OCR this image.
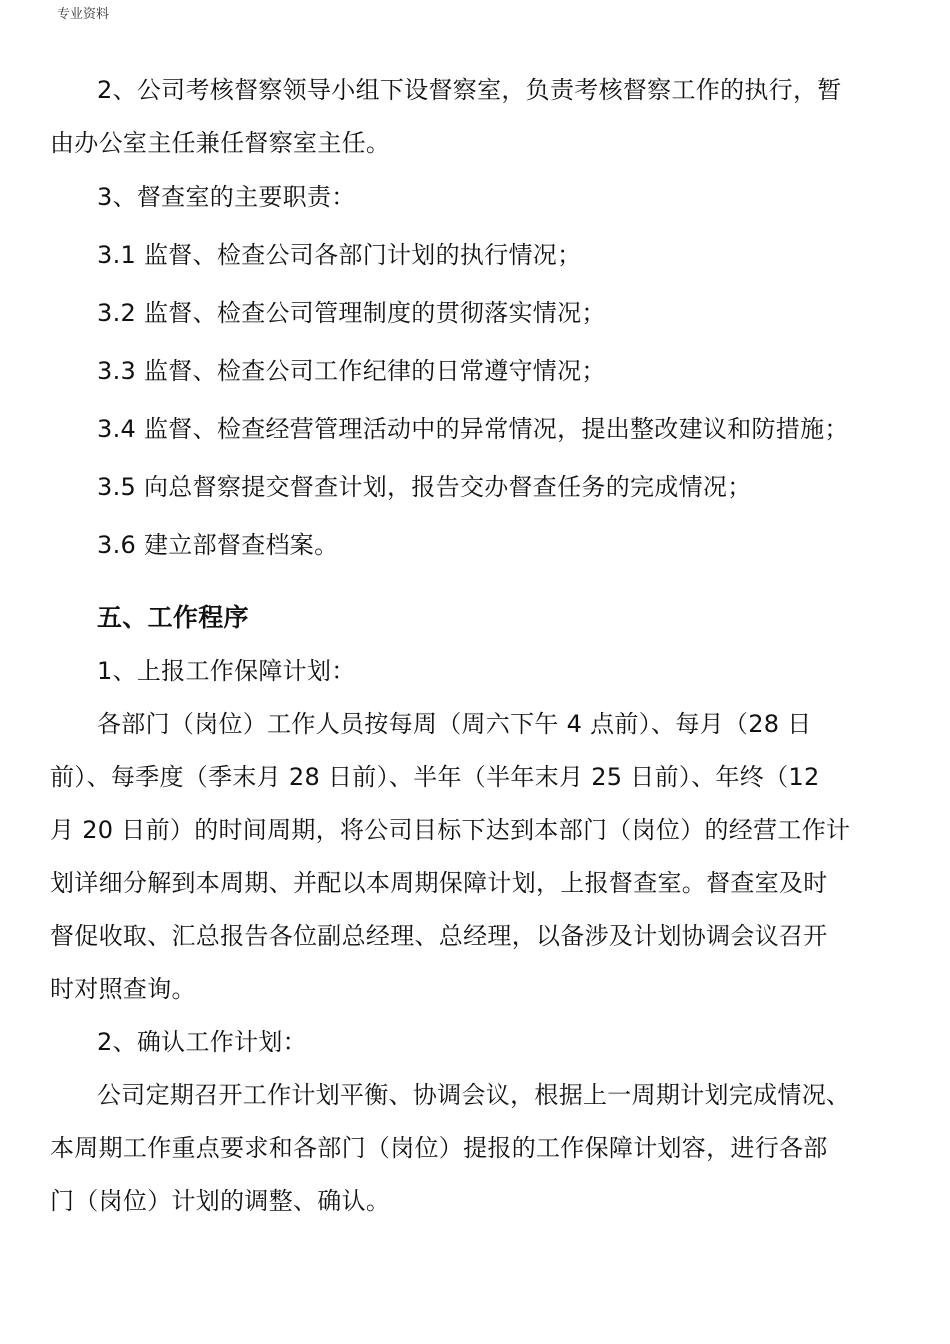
专业资料
2、公司考核督察领导小组下设督察室，负责考核督察工作的执行，暂
由办公室主任兼任督察室主任。
3、督查室的主要职责：
3.1 监督、检查公司各部门计划的执行情况；
3.2 监督、检查公司管理制度的贯彻落实情况；
3.3 监督、检查公司工作纪律的日常遵守情况；
3.4 监督、检查经营管理活动中的异常情况，提出整改建议和防措施；
3.5 向总督察提交督查计划，报告交办督查任务的完成情况；
3.6 建立部督查档案。
五、工作程序
1、上报工作保障计划：
各部门（岗位）工作人员按每周（周六下午 4 点前）、每月（28 日
前）、每季度（季末月 28 日前）、半年（半年末月 25 日前）、年终（12
月 20 日前）的时间周期，将公司目标下达到本部门（岗位）的经营工作计
划详细分解到本周期、并配以本周期保障计划，上报督查室。督查室及时
督促收取、汇总报告各位副总经理、总经理，以备涉及计划协调会议召开
时对照查询。
2、确认工作计划：
公司定期召开工作计划平衡、协调会议，根据上一周期计划完成情况、
本周期工作重点要求和各部门（岗位）提报的工作保障计划容，进行各部
门（岗位）计划的调整、确认。
